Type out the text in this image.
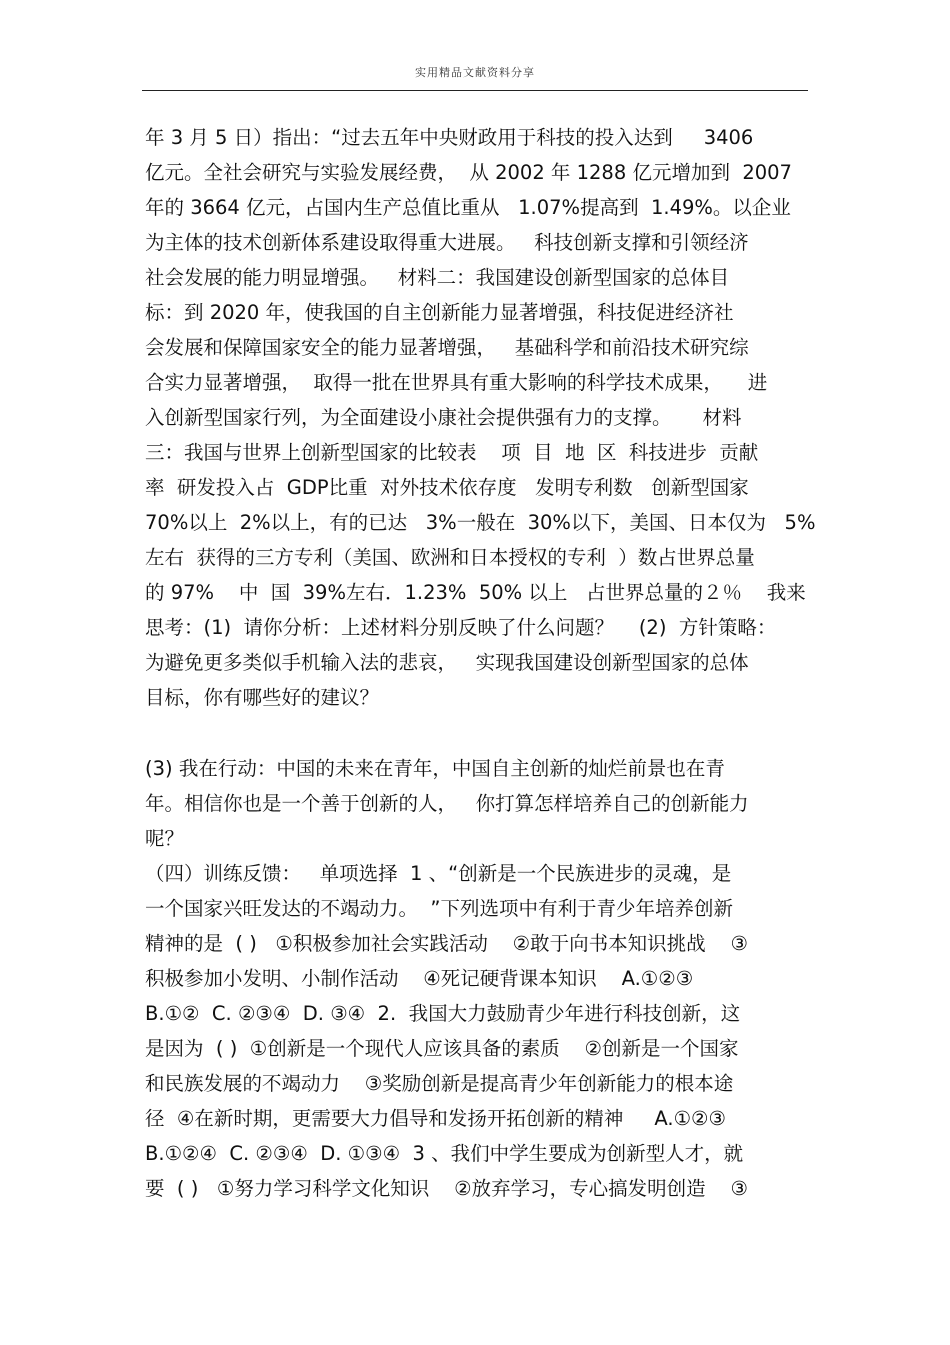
实用精品文献资料分享
年 3 月 5 日）指出：“过去五年中央财政用于科技的投入达到     3406
亿元。全社会研究与实验发展经费，  从 2002 年 1288 亿元增加到  2007
年的 3664 亿元，占国内生产总值比重从   1.07%提高到  1.49%。以企业
为主体的技术创新体系建设取得重大进展。   科技创新支撑和引领经济
社会发展的能力明显增强。   材料二：我国建设创新型国家的总体目
标：到 2020 年，使我国的自主创新能力显著增强，科技促进经济社
会发展和保障国家安全的能力显著增强，   基础科学和前沿技术研究综
合实力显著增强，  取得一批在世界具有重大影响的科学技术成果，    进
入创新型国家行列，为全面建设小康社会提供强有力的支撑。     材料
三：我国与世界上创新型国家的比较表    项  目  地  区  科技进步  贡献
率  研发投入占  GDP比重  对外技术依存度   发明专利数   创新型国家
70%以上  2%以上，有的已达   3%一般在  30%以下，美国、日本仅为   5%
左右  获得的三方专利（美国、欧洲和日本授权的专利  ）数占世界总量
的 97%    中  国  39%左右．1.23%  50% 以上   占世界总量的２％    我来
思考：(1)  请你分析：上述材料分别反映了什么问题？    (2)  方针策略：
为避免更多类似手机输入法的悲哀，   实现我国建设创新型国家的总体
目标，你有哪些好的建议？
(3) 我在行动：中国的未来在青年，中国自主创新的灿烂前景也在青
年。相信你也是一个善于创新的人，   你打算怎样培养自己的创新能力
呢？
（四）训练反馈：   单项选择  1 、“创新是一个民族进步的灵魂，是
一个国家兴旺发达的不竭动力。  ”下列选项中有利于青少年培养创新
精神的是  ( )   ①积极参加社会实践活动    ②敢于向书本知识挑战    ③
积极参加小发明、小制作活动    ④死记硬背课本知识    A.①②③
B.①②  C. ②③④  D. ③④  2.  我国大力鼓励青少年进行科技创新，这
是因为  ( )  ①创新是一个现代人应该具备的素质    ②创新是一个国家
和民族发展的不竭动力    ③奖励创新是提高青少年创新能力的根本途
径  ④在新时期，更需要大力倡导和发扬开拓创新的精神     A.①②③
B.①②④  C. ②③④  D. ①③④  3 、我们中学生要成为创新型人才，就
要  ( )   ①努力学习科学文化知识    ②放弃学习，专心搞发明创造    ③
